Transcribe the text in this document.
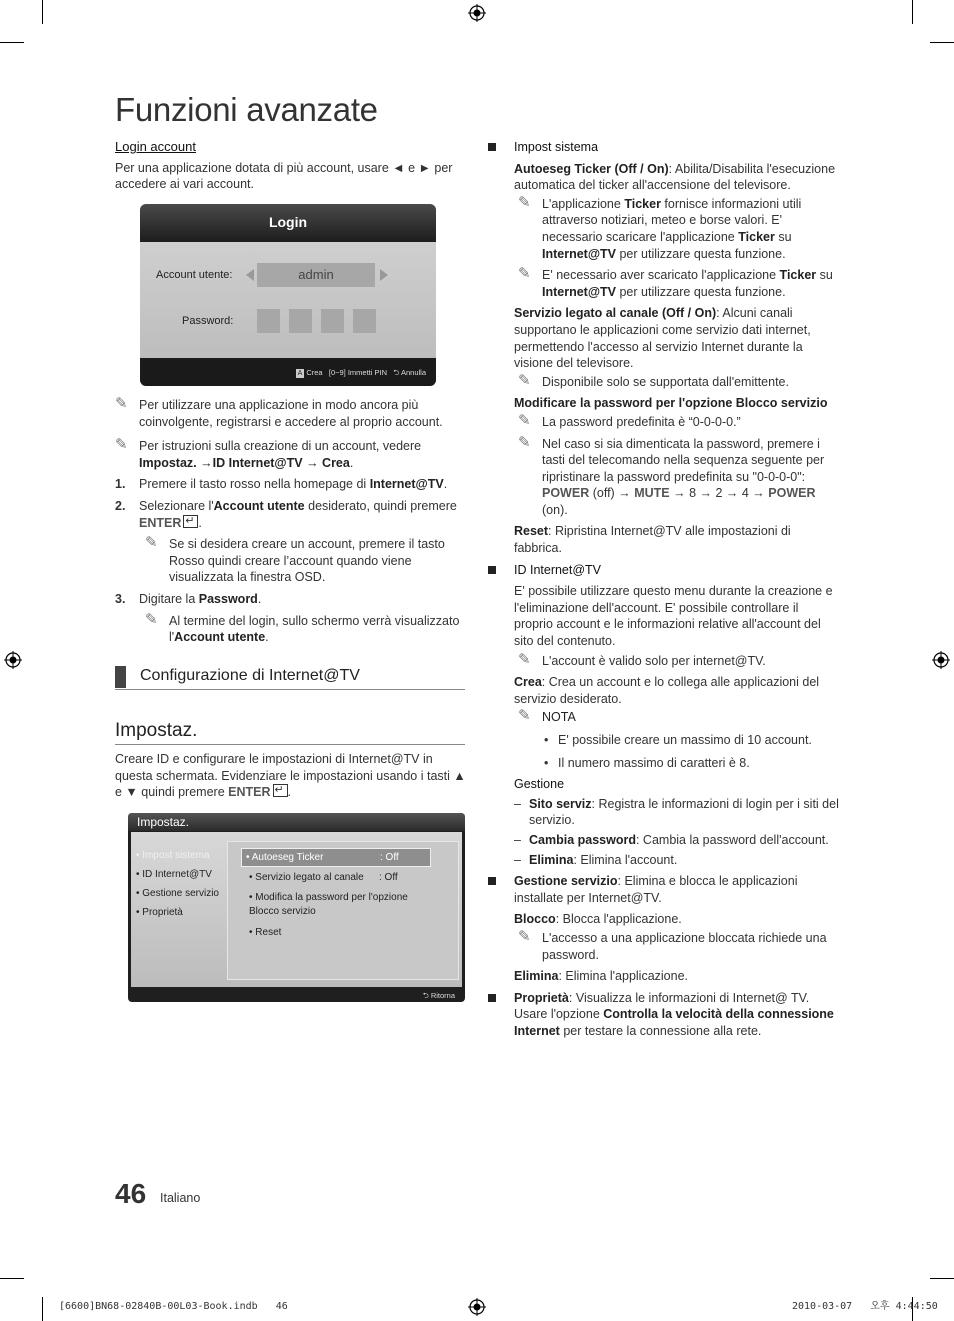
Funzioni avanzate

Login account

Per una applicazione dotata di più account, usare ◄ e ► per accedere ai vari account.

Login
Account utente:	admin
Password:
A Crea [0~9] Immetti PIN ⮌ Annulla
✎ Per utilizzare una applicazione in modo ancora più coinvolgente, registrarsi e accedere al proprio account.
✎ Per istruzioni sulla creazione di un account, vedere Impostaz. →ID Internet@TV → Crea.
1. Premere il tasto rosso nella homepage di Internet@TV.
2. Selezionare l'Account utente desiderato, quindi premere ENTER ↵ .
✎ Se si desidera creare un account, premere il tasto Rosso quindi creare l’account quando viene visualizzata la finestra OSD.
3. Digitare la Password.
✎ Al termine del login, sullo schermo verrà visualizzato l'Account utente.
Configurazione di Internet@TV
Impostaz.
Creare ID e configurare le impostazioni di Internet@TV in questa schermata. Evidenziare le impostazioni usando i tasti ▲ e ▼ quindi premere ENTER ↵ .
Impostaz.
• Impost sistema
• ID Internet@TV
• Gestione servizio
• Proprietà
• Autoeseg Ticker	: Off
• Servizio legato al canale : Off
• Modifica la password per l'opzione Blocco servizio
• Reset
⮌ Ritorna
Impost sistema
Autoeseg Ticker (Off / On): Abilita/Disabilita l'esecuzione automatica del ticker all'accensione del televisore.
✎ L'applicazione Ticker fornisce informazioni utili attraverso notiziari, meteo e borse valori. E' necessario scaricare l'applicazione Ticker su Internet@TV per utilizzare questa funzione.
✎ E' necessario aver scaricato l'applicazione Ticker su Internet@TV per utilizzare questa funzione.
Servizio legato al canale (Off / On): Alcuni canali supportano le applicazioni come servizio dati internet, permettendo l'accesso al servizio Internet durante la visione del televisore.
✎ Disponibile solo se supportata dall'emittente.
Modificare la password per l'opzione Blocco servizio
✎ La password predefinita è “0-0-0-0.”
✎ Nel caso si sia dimenticata la password, premere i tasti del telecomando nella sequenza seguente per ripristinare la password predefinita su "0-0-0-0": POWER (off) → MUTE → 8 → 2 → 4 → POWER (on).
Reset: Ripristina Internet@TV alle impostazioni di fabbrica.
ID Internet@TV
E' possibile utilizzare questo menu durante la creazione e l'eliminazione dell'account. E' possibile controllare il proprio account e le informazioni relative all'account del sito del contenuto.
✎ L'account è valido solo per internet@TV.
Crea: Crea un account e lo collega alle applicazioni del servizio desiderato.
✎ NOTA
• E' possibile creare un massimo di 10 account.
• Il numero massimo di caratteri è 8.
Gestione
– Sito serviz: Registra le informazioni di login per i siti del servizio.
– Cambia password: Cambia la password dell'account.
– Elimina: Elimina l'account.
Gestione servizio: Elimina e blocca le applicazioni installate per Internet@TV.
Blocco: Blocca l'applicazione.
✎ L'accesso a una applicazione bloccata richiede una password.
Elimina: Elimina l'applicazione.
Proprietà: Visualizza le informazioni di Internet@ TV. Usare l'opzione Controlla la velocità della connessione Internet per testare la connessione alla rete.
46 Italiano
[6600]BN68-02840B-00L03-Book.indb   46	2010-03-07   오후 4:44:50
